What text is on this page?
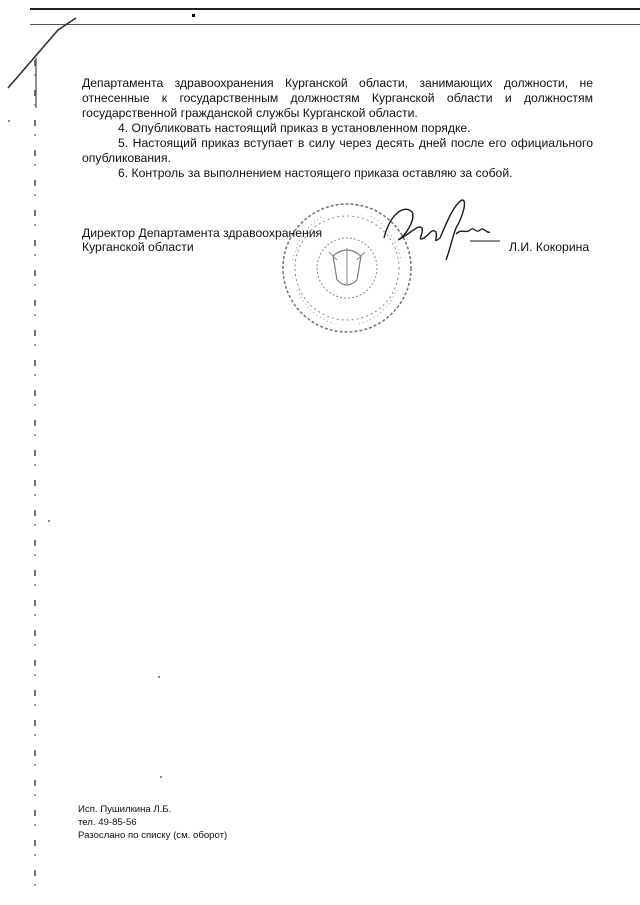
Департамента здравоохранения Курганской области, занимающих должности, не

отнесенные к государственным должностям Курганской области и должностям

государственной гражданской службы Курганской области.

4. Опубликовать настоящий приказ в установленном порядке.

5. Настоящий приказ вступает в силу через десять дней после его официального

опубликования.

6. Контроль за выполнением настоящего приказа оставляю за собой.

Директор Департамента здравоохранения
Курганской области	Л.И. Кокорина

Исп. Пушилкина Л.Б.

тел. 49-85-56

Разослано по списку (см. оборот)
